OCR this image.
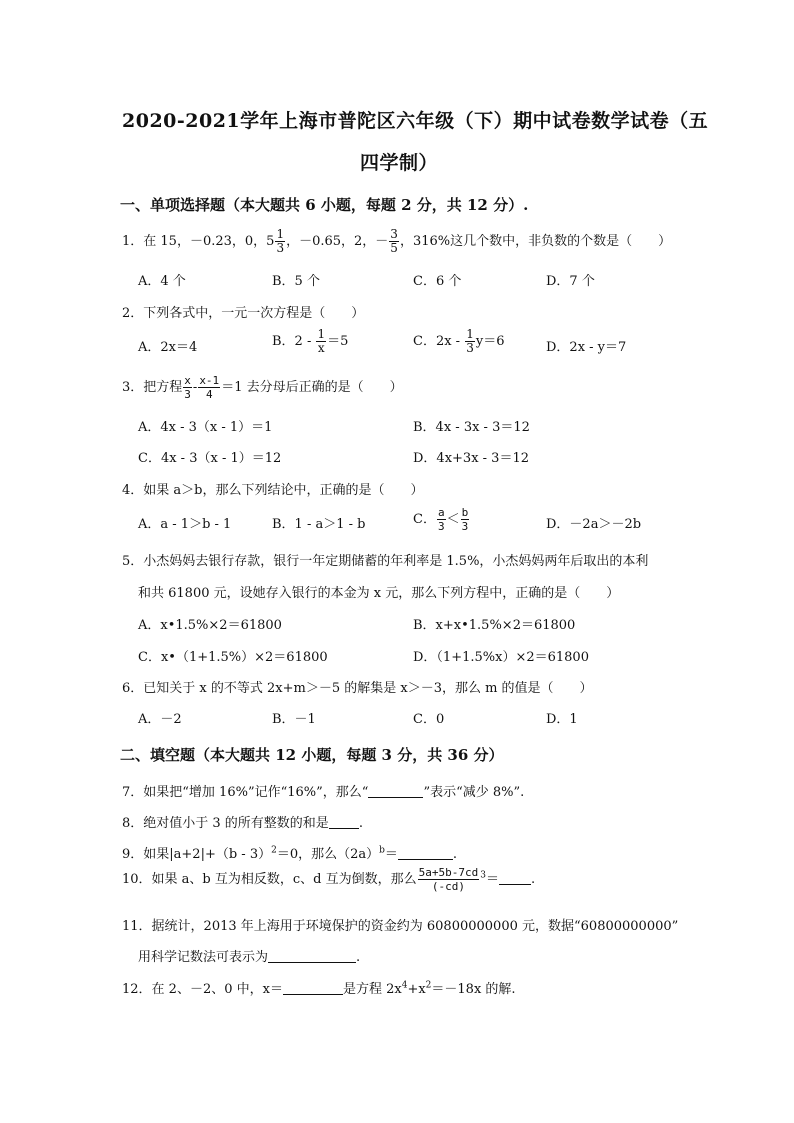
2020-2021学年上海市普陀区六年级（下）期中试卷数学试卷（五
四学制）
一、单项选择题（本大题共 6 小题，每题 2 分，共 12 分）.
1．在 15，－0.23，0，$5 \frac{1}{3}$ ，－0.65，2，－ $\frac{3}{5}$ ，316%这几个数中，非负数的个数是（　　）
A．4 个	B．5 个	C．6 个	D．7 个
2．下列各式中，一元一次方程是（　　）
A．2x＝4	B．$2 - \frac{1}{x} =5$	C．$2x - \frac{1}{3} y=6$	D．2x - y＝7
3．把方程 $\frac{x}{3} - \frac{x-1}{4} =1$ 去分母后正确的是（　　）
A．4x - 3（x - 1）＝1	B．4x - 3x - 3＝12
C．4x - 3（x - 1）＝12	D．4x+3x - 3＝12
4．如果 a＞b，那么下列结论中，正确的是（　　）
A．a - 1＞b - 1	B．1 - a＞1 - b	C． $\frac{a}{3} < \frac{b}{3}$	D．－2a＞－2b
5．小杰妈妈去银行存款，银行一年定期储蓄的年利率是 1.5%，小杰妈妈两年后取出的本利
和共 61800 元，设她存入银行的本金为 x 元，那么下列方程中，正确的是（　　）
A．x•1.5%×2＝61800	B．x+x•1.5%×2＝61800
C．x•（1+1.5%）×2＝61800	D．（1+1.5%x）×2＝61800
6．已知关于 x 的不等式 2x+m＞－5 的解集是 x＞－3，那么 m 的值是（　　）
A．－2	B．－1	C．0	D．1
二、填空题（本大题共 12 小题，每题 3 分，共 36 分）
7．如果把“增加 16%”记作“16%”，那么“	”表示“减少 8%”.
8．绝对值小于 3 的所有整数的和是 .
9．如果|a+2|+（b - 3）$^2$＝0，那么$(2a)^b=$	.
10．如果 a、b 互为相反数，c、d 互为倒数，那么 $\frac{5a+5b-7cd}{(-cd)} ^3=$ .
11．据统计，2013 年上海用于环境保护的资金约为 60800000000 元，数据“60800000000”
用科学记数法可表示为	.
12．在 2、－2、0 中，x＝	是方程 $2x^4+x^2=-18x$ 的解.
